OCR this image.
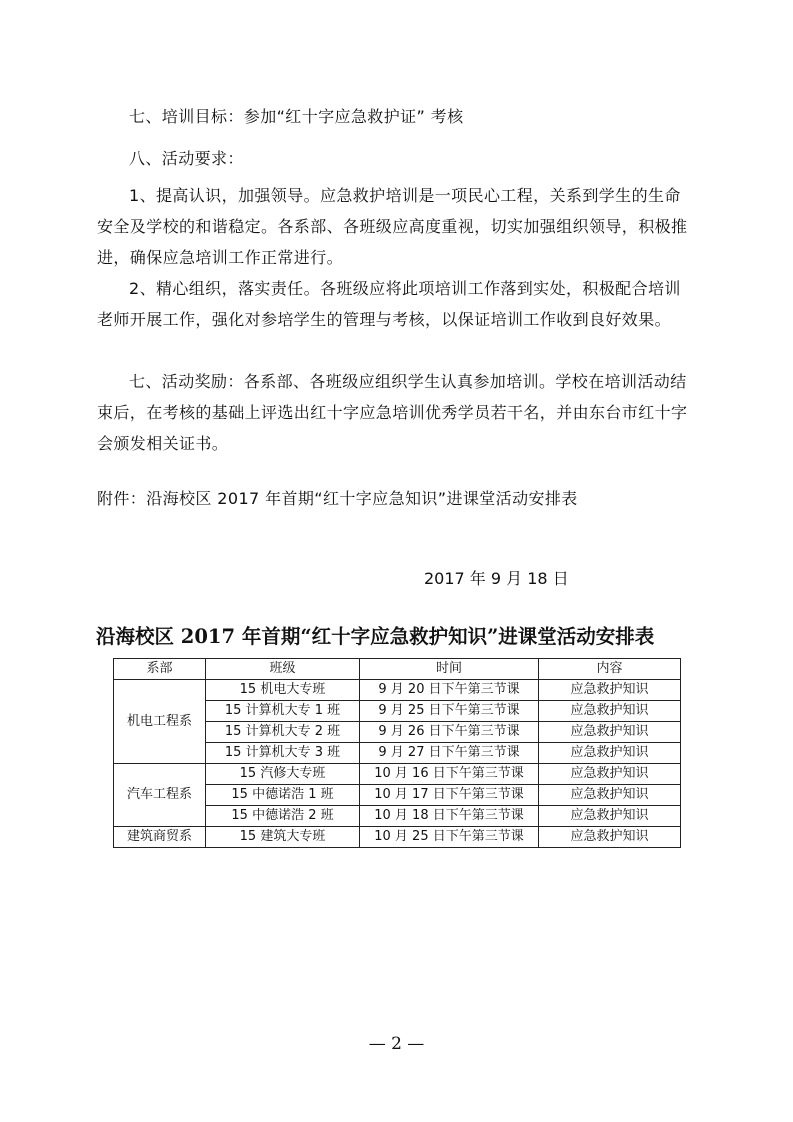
七、培训目标：参加“红十字应急救护证” 考核

八、活动要求：

1、提高认识，加强领导。应急救护培训是一项民心工程，关系到学生的生命安全及学校的和谐稳定。各系部、各班级应高度重视，切实加强组织领导，积极推进，确保应急培训工作正常进行。

2、精心组织，落实责任。各班级应将此项培训工作落到实处，积极配合培训老师开展工作，强化对参培学生的管理与考核，以保证培训工作收到良好效果。

七、活动奖励：各系部、各班级应组织学生认真参加培训。学校在培训活动结束后，在考核的基础上评选出红十字应急培训优秀学员若干名，并由东台市红十字会颁发相关证书。

附件：沿海校区 2017 年首期“红十字应急知识”进课堂活动安排表

2017 年 9 月 18 日

沿海校区 2017 年首期“红十字应急救护知识”进课堂活动安排表
系部	班级	时间	内容
机电工程系	15 机电大专班	9 月 20 日下午第三节课	应急救护知识
	15 计算机大专 1 班	9 月 25 日下午第三节课	应急救护知识
	15 计算机大专 2 班	9 月 26 日下午第三节课	应急救护知识
	15 计算机大专 3 班	9 月 27 日下午第三节课	应急救护知识
汽车工程系	15 汽修大专班	10 月 16 日下午第三节课	应急救护知识
	15 中德诺浩 1 班	10 月 17 日下午第三节课	应急救护知识
	15 中德诺浩 2 班	10 月 18 日下午第三节课	应急救护知识
建筑商贸系	15 建筑大专班	10 月 25 日下午第三节课	应急救护知识
— 2 —
